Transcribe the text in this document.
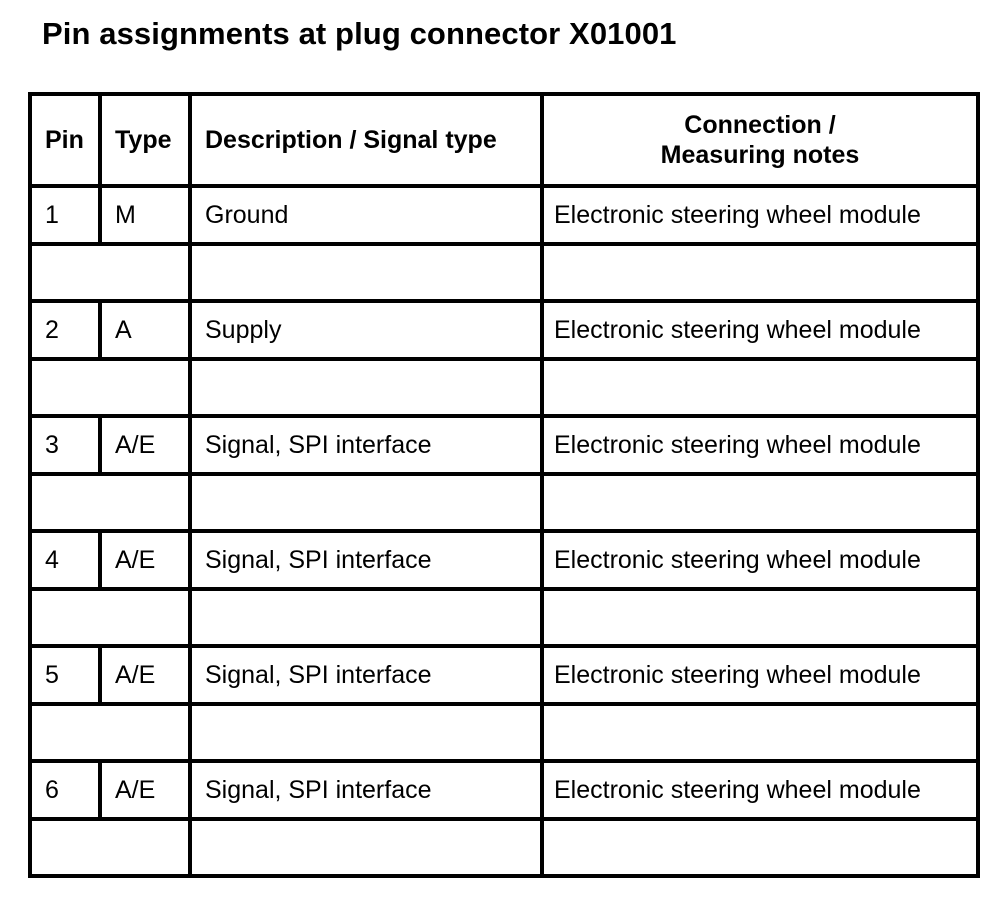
Pin assignments at plug connector X01001
Pin	Type	Description / Signal type	Connection /
Measuring notes

1	M	Ground	Electronic steering wheel module

2	A	Supply	Electronic steering wheel module

3	A/E	Signal, SPI interface	Electronic steering wheel module

4	A/E	Signal, SPI interface	Electronic steering wheel module

5	A/E	Signal, SPI interface	Electronic steering wheel module

6	A/E	Signal, SPI interface	Electronic steering wheel module
